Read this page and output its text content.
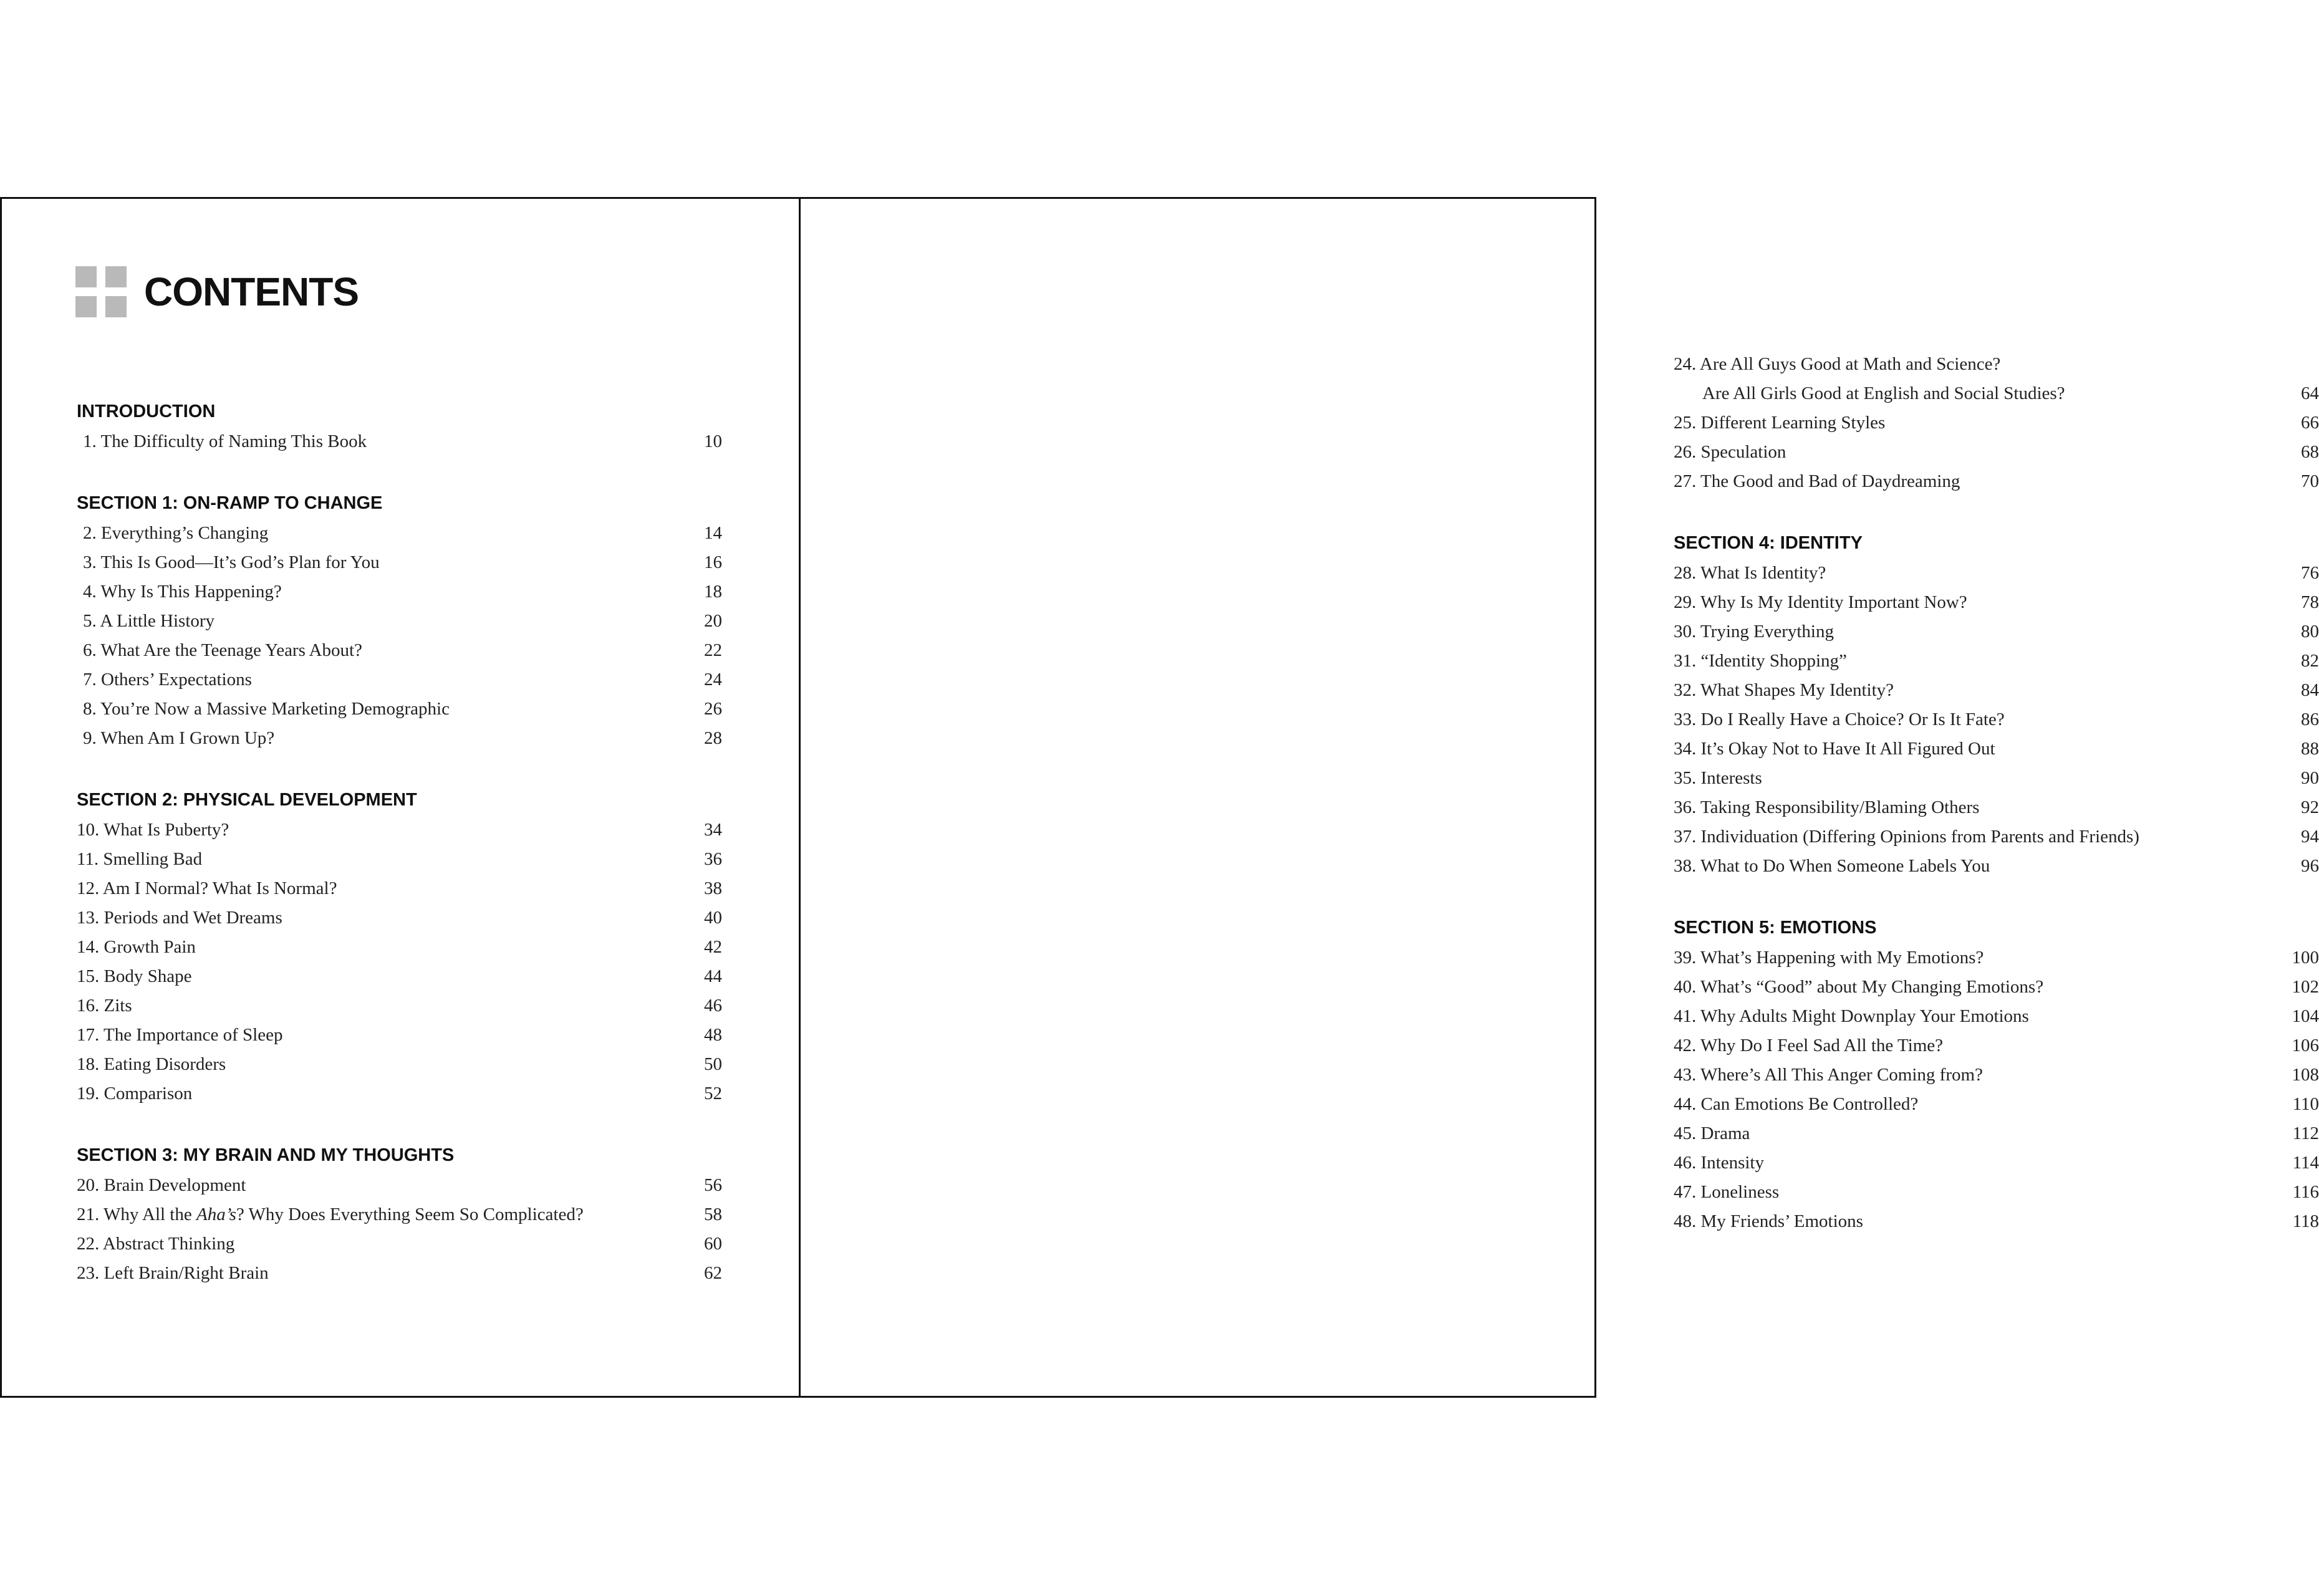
CONTENTS
INTRODUCTION
1. The Difficulty of Naming This Book	10
SECTION 1: ON-RAMP TO CHANGE
2. Everything’s Changing	14
3. This Is Good—It’s God’s Plan for You	16
4. Why Is This Happening?	18
5. A Little History	20
6. What Are the Teenage Years About?	22
7. Others’ Expectations	24
8. You’re Now a Massive Marketing Demographic	26
9. When Am I Grown Up?	28
SECTION 2: PHYSICAL DEVELOPMENT
10. What Is Puberty?	34
11. Smelling Bad	36
12. Am I Normal? What Is Normal?	38
13. Periods and Wet Dreams	40
14. Growth Pain	42
15. Body Shape	44
16. Zits	46
17. The Importance of Sleep	48
18. Eating Disorders	50
19. Comparison	52
SECTION 3: MY BRAIN AND MY THOUGHTS
20. Brain Development	56
21. Why All the Aha’s? Why Does Everything Seem So Complicated?	58
22. Abstract Thinking	60
23. Left Brain/Right Brain	62
24. Are All Guys Good at Math and Science?
Are All Girls Good at English and Social Studies?	64
25. Different Learning Styles	66
26. Speculation	68
27. The Good and Bad of Daydreaming	70
SECTION 4: IDENTITY
28. What Is Identity?	76
29. Why Is My Identity Important Now?	78
30. Trying Everything	80
31. “Identity Shopping”	82
32. What Shapes My Identity?	84
33. Do I Really Have a Choice? Or Is It Fate?	86
34. It’s Okay Not to Have It All Figured Out	88
35. Interests	90
36. Taking Responsibility/Blaming Others	92
37. Individuation (Differing Opinions from Parents and Friends)	94
38. What to Do When Someone Labels You	96
SECTION 5: EMOTIONS
39. What’s Happening with My Emotions?	100
40. What’s “Good” about My Changing Emotions?	102
41. Why Adults Might Downplay Your Emotions	104
42. Why Do I Feel Sad All the Time?	106
43. Where’s All This Anger Coming from?	108
44. Can Emotions Be Controlled?	110
45. Drama	112
46. Intensity	114
47. Loneliness	116
48. My Friends’ Emotions	118
